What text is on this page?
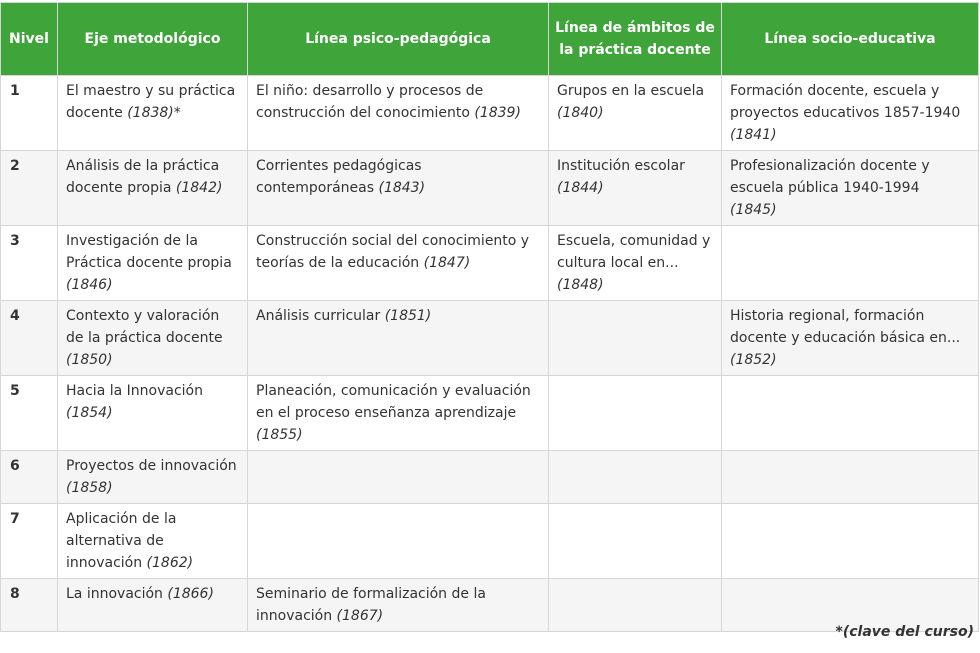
Nivel	Eje metodológico	Línea psico-pedagógica	Línea de ámbitos de la práctica docente	Línea socio-educativa
1	El maestro y su práctica docente (1838)*	El niño: desarrollo y procesos de construcción del conocimiento (1839)	Grupos en la escuela (1840)	Formación docente, escuela y proyectos educativos 1857-1940 (1841)
2	Análisis de la práctica docente propia (1842)	Corrientes pedagógicas contemporáneas (1843)	Institución escolar (1844)	Profesionalización docente y escuela pública 1940-1994 (1845)
3	Investigación de la Práctica docente propia (1846)	Construcción social del conocimiento y teorías de la educación (1847)	Escuela, comunidad y cultura local en... (1848)	
4	Contexto y valoración de la práctica docente (1850)	Análisis curricular (1851)		Historia regional, formación docente y educación básica en... (1852)
5	Hacia la Innovación (1854)	Planeación, comunicación y evaluación en el proceso enseñanza aprendizaje (1855)		
6	Proyectos de innovación (1858)			
7	Aplicación de la alternativa de innovación (1862)			
8	La innovación (1866)	Seminario de formalización de la innovación (1867)		
*(clave del curso)
